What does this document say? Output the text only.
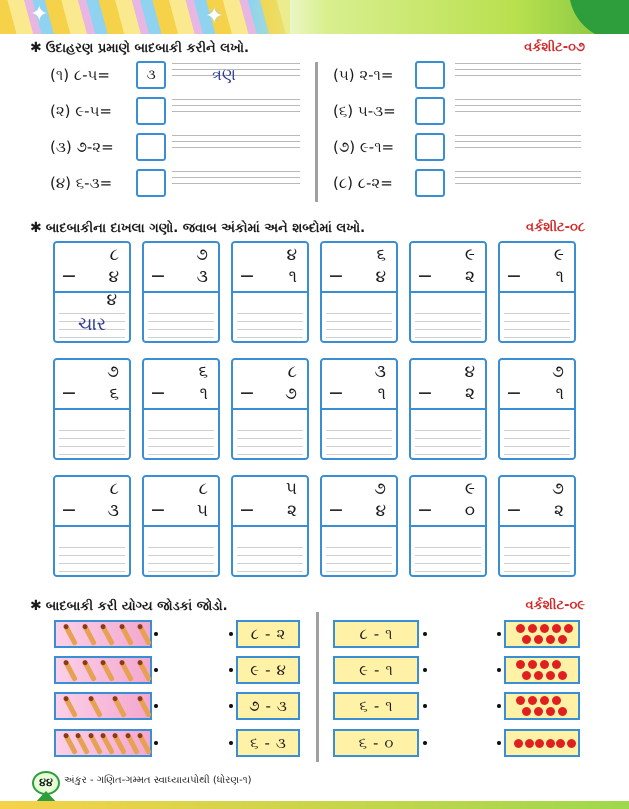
✦	✦
✱ ઉદાહરણ પ્રમાણે બાદબાકી કરીને લખો.	વર્કશીટ-૦૭
(૧) ૮-૫=	૩	ત્રણ
(૨) ૯-૫=
(૩) ૭-૨=
(૪) ૬-૩=
(૫) ૨-૧=
(૬) ૫-૩=
(૭) ૯-૧=
(૮) ૮-૨=
✱ બાદબાકીના દાખલા ગણો. જવાબ અંકોમાં અને શબ્દોમાં લખો.	વર્કશીટ-૦૮
૮
− ૪
૪
ચાર
૭
− ૩
૪
− ૧
૬
− ૪
૯
− ૨
૯
− ૧
૭
− ૬
૬
− ૧
૮
− ૭
૩
− ૧
૪
− ૨
૭
− ૧
૮
− ૩
૮
− ૫
૫
− ૨
૭
− ૪
૯
− ૦
૭
− ૨
✱ બાદબાકી કરી યોગ્ય જોડકાં જોડો.	વર્કશીટ-૦૯
૮ - ૨
૯ - ૪
૭ - ૩
૬ - ૩
૮ - ૧
૯ - ૧
૬ - ૧
૬ - ૦
૪૪	અંકુર - ગણિત-ગમ્મત સ્વાધ્યાયપોથી (ધોરણ-૧)
